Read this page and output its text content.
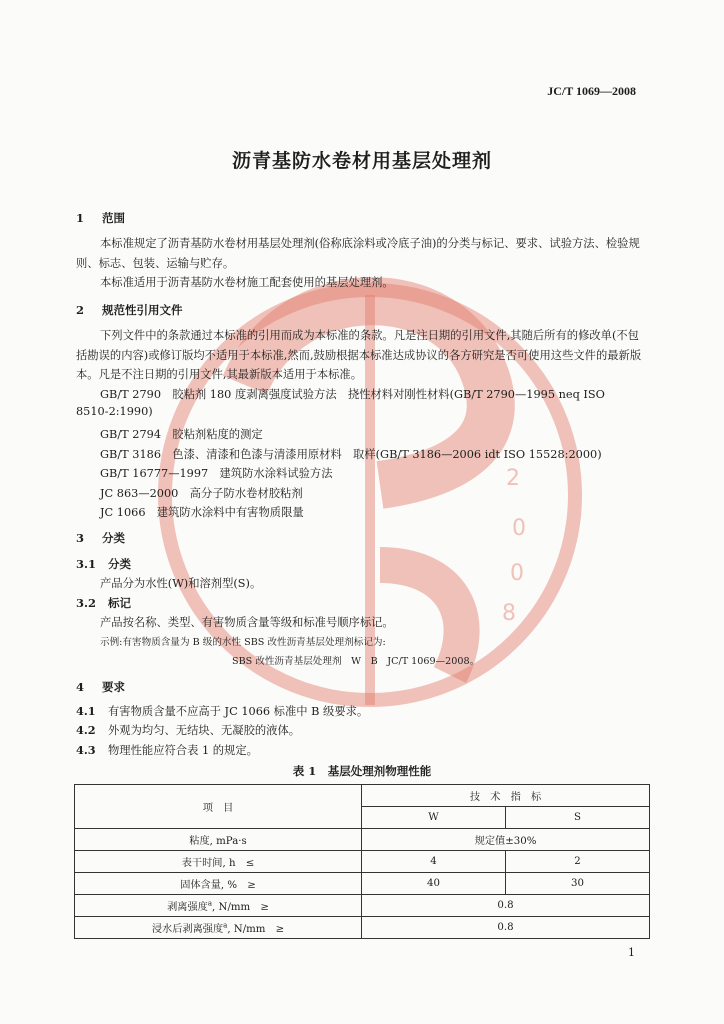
2
0
0
8
JC/T 1069—2008
沥青基防水卷材用基层处理剂
1 范围
本标准规定了沥青基防水卷材用基层处理剂(俗称底涂料或冷底子油)的分类与标记、要求、试验方法、检验规则、标志、包装、运输与贮存。
本标准适用于沥青基防水卷材施工配套使用的基层处理剂。
2 规范性引用文件
下列文件中的条款通过本标准的引用而成为本标准的条款。凡是注日期的引用文件,其随后所有的修改单(不包括勘误的内容)或修订版均不适用于本标准,然而,鼓励根据本标准达成协议的各方研究是否可使用这些文件的最新版本。凡是不注日期的引用文件,其最新版本适用于本标准。
GB/T 2790　胶粘剂 180 度剥离强度试验方法　挠性材料对刚性材料(GB/T 2790—1995 neq ISO
8510-2:1990)
GB/T 2794　胶粘剂粘度的测定
GB/T 3186　色漆、清漆和色漆与清漆用原材料　取样(GB/T 3186—2006 idt ISO 15528:2000)
GB/T 16777—1997　建筑防水涂料试验方法
JC 863—2000　高分子防水卷材胶粘剂
JC 1066　建筑防水涂料中有害物质限量
3 分类
3.1 分类
产品分为水性(W)和溶剂型(S)。
3.2 标记
产品按名称、类型、有害物质含量等级和标准号顺序标记。
示例:有害物质含量为 B 级的水性 SBS 改性沥青基层处理剂标记为:
SBS 改性沥青基层处理剂　W　B　JC/T 1069—2008。
4 要求
4.1 有害物质含量不应高于 JC 1066 标准中 B 级要求。
4.2 外观为均匀、无结块、无凝胶的液体。
4.3 物理性能应符合表 1 的规定。
表 1　基层处理剂物理性能
项　目	技　术　指　标	
	W	S
粘度, mPa·s	规定值±30%	
表干时间, h　≤	4	2
固体含量, %　≥	40	30
剥离强度$^a$, N/mm　≥	0.8	
浸水后剥离强度$^a$, N/mm　≥	0.8	
1
